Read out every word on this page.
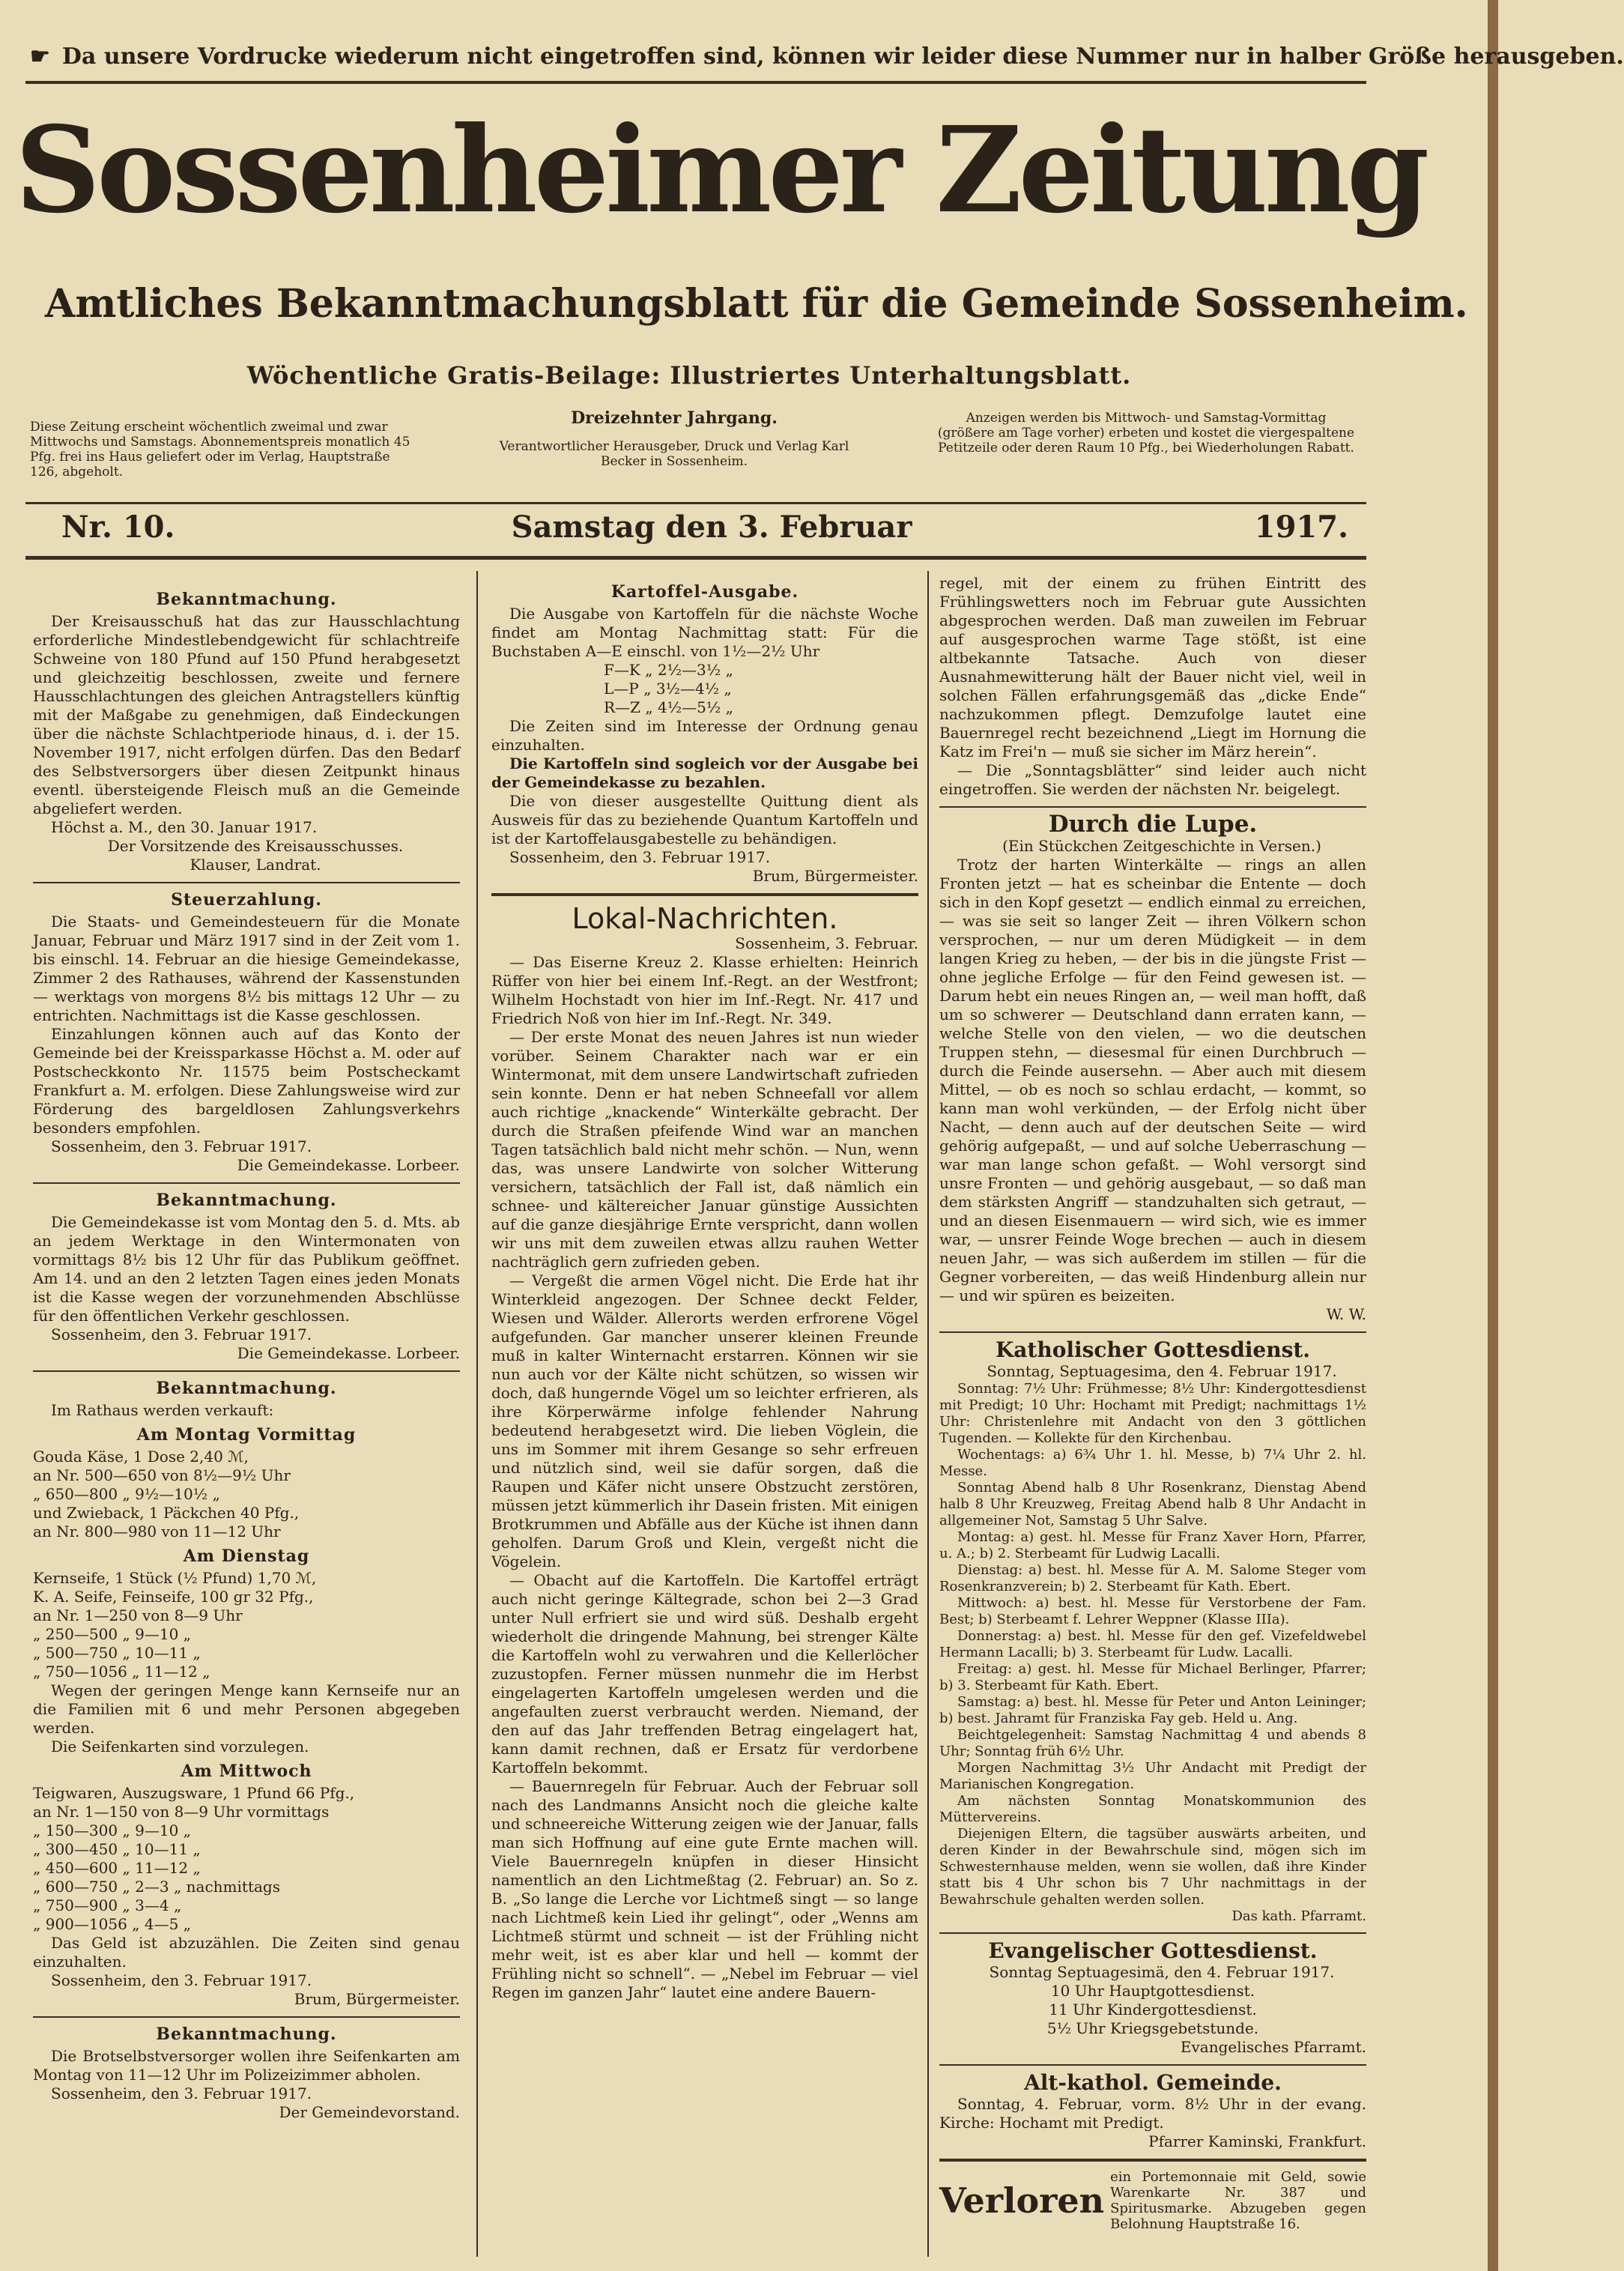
☛ Da unsere Vordrucke wiederum nicht eingetroffen sind, können wir leider diese Nummer nur in halber Größe herausgeben.
Sossenheimer Zeitung
Amtliches Bekanntmachungsblatt für die Gemeinde Sossenheim.
Wöchentliche Gratis-Beilage: Illustriertes Unterhaltungsblatt.
Diese Zeitung erscheint wöchentlich zweimal und zwar Mittwochs und Samstags. Abonnementspreis monatlich 45 Pfg. frei ins Haus geliefert oder im Verlag, Hauptstraße 126, abgeholt.
Dreizehnter Jahrgang.
Verantwortlicher Herausgeber, Druck und Verlag Karl Becker in Sossenheim.
Anzeigen werden bis Mittwoch- und Samstag-Vormittag (größere am Tage vorher) erbeten und kostet die viergespaltene Petitzeile oder deren Raum 10 Pfg., bei Wiederholungen Rabatt.
Nr. 10.	Samstag den 3. Februar	1917.
Bekanntmachung.

Der Kreisausschuß hat das zur Hausschlachtung erforderliche Mindestlebendgewicht für schlachtreife Schweine von 180 Pfund auf 150 Pfund herabgesetzt und gleichzeitig beschlossen, zweite und fernere Hausschlachtungen des gleichen Antragstellers künftig mit der Maßgabe zu genehmigen, daß Eindeckungen über die nächste Schlachtperiode hinaus, d. i. der 15. November 1917, nicht erfolgen dürfen. Das den Bedarf des Selbstversorgers über diesen Zeitpunkt hinaus eventl. übersteigende Fleisch muß an die Gemeinde abgeliefert werden.

Höchst a. M., den 30. Januar 1917.

Der Vorsitzende des Kreisausschusses.

Klauser, Landrat.

Steuerzahlung.

Die Staats- und Gemeindesteuern für die Monate Januar, Februar und März 1917 sind in der Zeit vom 1. bis einschl. 14. Februar an die hiesige Gemeindekasse, Zimmer 2 des Rathauses, während der Kassenstunden — werktags von morgens 8½ bis mittags 12 Uhr — zu entrichten. Nachmittags ist die Kasse geschlossen.

Einzahlungen können auch auf das Konto der Gemeinde bei der Kreissparkasse Höchst a. M. oder auf Postscheckkonto Nr. 11575 beim Postscheckamt Frankfurt a. M. erfolgen. Diese Zahlungsweise wird zur Förderung des bargeldlosen Zahlungsverkehrs besonders empfohlen.

Sossenheim, den 3. Februar 1917.

Die Gemeindekasse. Lorbeer.

Bekanntmachung.

Die Gemeindekasse ist vom Montag den 5. d. Mts. ab an jedem Werktage in den Wintermonaten von vormittags 8½ bis 12 Uhr für das Publikum geöffnet. Am 14. und an den 2 letzten Tagen eines jeden Monats ist die Kasse wegen der vorzunehmenden Abschlüsse für den öffentlichen Verkehr geschlossen.

Sossenheim, den 3. Februar 1917.

Die Gemeindekasse. Lorbeer.

Bekanntmachung.

Im Rathaus werden verkauft:

Am Montag Vormittag
Gouda Käse, 1 Dose 2,40 ℳ,
an Nr. 500—650 von 8½—9½ Uhr
„ 650—800 „ 9½—10½ „
und Zwieback, 1 Päckchen 40 Pfg.,
an Nr. 800—980 von 11—12 Uhr
Am Dienstag
Kernseife, 1 Stück (½ Pfund) 1,70 ℳ,
K. A. Seife, Feinseife, 100 gr 32 Pfg.,
an Nr. 1—250 von 8—9 Uhr
„ 250—500 „ 9—10 „
„ 500—750 „ 10—11 „
„ 750—1056 „ 11—12 „

Wegen der geringen Menge kann Kernseife nur an die Familien mit 6 und mehr Personen abgegeben werden.

Die Seifenkarten sind vorzulegen.

Am Mittwoch
Teigwaren, Auszugsware, 1 Pfund 66 Pfg.,
an Nr. 1—150 von 8—9 Uhr vormittags
„ 150—300 „ 9—10 „
„ 300—450 „ 10—11 „
„ 450—600 „ 11—12 „
„ 600—750 „ 2—3 „ nachmittags
„ 750—900 „ 3—4 „
„ 900—1056 „ 4—5 „

Das Geld ist abzuzählen. Die Zeiten sind genau einzuhalten.

Sossenheim, den 3. Februar 1917.

Brum, Bürgermeister.

Bekanntmachung.

Die Brotselbstversorger wollen ihre Seifenkarten am Montag von 11—12 Uhr im Polizeizimmer abholen.

Sossenheim, den 3. Februar 1917.

Der Gemeindevorstand.

Kartoffel-Ausgabe.

Die Ausgabe von Kartoffeln für die nächste Woche findet am Montag Nachmittag statt: Für die Buchstaben A—E einschl. von 1½—2½ Uhr

F—K „ 2½—3½ „
L—P „ 3½—4½ „
R—Z „ 4½—5½ „

Die Zeiten sind im Interesse der Ordnung genau einzuhalten.

Die Kartoffeln sind sogleich vor der Ausgabe bei der Gemeindekasse zu bezahlen.

Die von dieser ausgestellte Quittung dient als Ausweis für das zu beziehende Quantum Kartoffeln und ist der Kartoffelausgabestelle zu behändigen.

Sossenheim, den 3. Februar 1917.

Brum, Bürgermeister.

Lokal-Nachrichten.

Sossenheim, 3. Februar.

— Das Eiserne Kreuz 2. Klasse erhielten: Heinrich Rüffer von hier bei einem Inf.-Regt. an der Westfront; Wilhelm Hochstadt von hier im Inf.-Regt. Nr. 417 und Friedrich Noß von hier im Inf.-Regt. Nr. 349.

— Der erste Monat des neuen Jahres ist nun wieder vorüber. Seinem Charakter nach war er ein Wintermonat, mit dem unsere Landwirtschaft zufrieden sein konnte. Denn er hat neben Schneefall vor allem auch richtige „knackende“ Winterkälte gebracht. Der durch die Straßen pfeifende Wind war an manchen Tagen tatsächlich bald nicht mehr schön. — Nun, wenn das, was unsere Landwirte von solcher Witterung versichern, tatsächlich der Fall ist, daß nämlich ein schnee- und kältereicher Januar günstige Aussichten auf die ganze diesjährige Ernte verspricht, dann wollen wir uns mit dem zuweilen etwas allzu rauhen Wetter nachträglich gern zufrieden geben.

— Vergeßt die armen Vögel nicht. Die Erde hat ihr Winterkleid angezogen. Der Schnee deckt Felder, Wiesen und Wälder. Allerorts werden erfrorene Vögel aufgefunden. Gar mancher unserer kleinen Freunde muß in kalter Winternacht erstarren. Können wir sie nun auch vor der Kälte nicht schützen, so wissen wir doch, daß hungernde Vögel um so leichter erfrieren, als ihre Körperwärme infolge fehlender Nahrung bedeutend herabgesetzt wird. Die lieben Vöglein, die uns im Sommer mit ihrem Gesange so sehr erfreuen und nützlich sind, weil sie dafür sorgen, daß die Raupen und Käfer nicht unsere Obstzucht zerstören, müssen jetzt kümmerlich ihr Dasein fristen. Mit einigen Brotkrummen und Abfälle aus der Küche ist ihnen dann geholfen. Darum Groß und Klein, vergeßt nicht die Vögelein.

— Obacht auf die Kartoffeln. Die Kartoffel erträgt auch nicht geringe Kältegrade, schon bei 2—3 Grad unter Null erfriert sie und wird süß. Deshalb ergeht wiederholt die dringende Mahnung, bei strenger Kälte die Kartoffeln wohl zu verwahren und die Kellerlöcher zuzustopfen. Ferner müssen nunmehr die im Herbst eingelagerten Kartoffeln umgelesen werden und die angefaulten zuerst verbraucht werden. Niemand, der den auf das Jahr treffenden Betrag eingelagert hat, kann damit rechnen, daß er Ersatz für verdorbene Kartoffeln bekommt.

— Bauernregeln für Februar. Auch der Februar soll nach des Landmanns Ansicht noch die gleiche kalte und schneereiche Witterung zeigen wie der Januar, falls man sich Hoffnung auf eine gute Ernte machen will. Viele Bauernregeln knüpfen in dieser Hinsicht namentlich an den Lichtmeßtag (2. Februar) an. So z. B. „So lange die Lerche vor Lichtmeß singt — so lange nach Lichtmeß kein Lied ihr gelingt“, oder „Wenns am Lichtmeß stürmt und schneit — ist der Frühling nicht mehr weit, ist es aber klar und hell — kommt der Frühling nicht so schnell“. — „Nebel im Februar — viel Regen im ganzen Jahr“ lautet eine andere Bauern-

regel, mit der einem zu frühen Eintritt des Frühlingswetters noch im Februar gute Aussichten abgesprochen werden. Daß man zuweilen im Februar auf ausgesprochen warme Tage stößt, ist eine altbekannte Tatsache. Auch von dieser Ausnahmewitterung hält der Bauer nicht viel, weil in solchen Fällen erfahrungsgemäß das „dicke Ende“ nachzukommen pflegt. Demzufolge lautet eine Bauernregel recht bezeichnend „Liegt im Hornung die Katz im Frei'n — muß sie sicher im März herein“.

— Die „Sonntagsblätter“ sind leider auch nicht eingetroffen. Sie werden der nächsten Nr. beigelegt.

Durch die Lupe.

(Ein Stückchen Zeitgeschichte in Versen.)

Trotz der harten Winterkälte — rings an allen Fronten jetzt — hat es scheinbar die Entente — doch sich in den Kopf gesetzt — endlich einmal zu erreichen, — was sie seit so langer Zeit — ihren Völkern schon versprochen, — nur um deren Müdigkeit — in dem langen Krieg zu heben, — der bis in die jüngste Frist — ohne jegliche Erfolge — für den Feind gewesen ist. — Darum hebt ein neues Ringen an, — weil man hofft, daß um so schwerer — Deutschland dann erraten kann, — welche Stelle von den vielen, — wo die deutschen Truppen stehn, — diesesmal für einen Durchbruch — durch die Feinde ausersehn. — Aber auch mit diesem Mittel, — ob es noch so schlau erdacht, — kommt, so kann man wohl verkünden, — der Erfolg nicht über Nacht, — denn auch auf der deutschen Seite — wird gehörig aufgepaßt, — und auf solche Ueberraschung — war man lange schon gefaßt. — Wohl versorgt sind unsre Fronten — und gehörig ausgebaut, — so daß man dem stärksten Angriff — standzuhalten sich getraut, — und an diesen Eisenmauern — wird sich, wie es immer war, — unsrer Feinde Woge brechen — auch in diesem neuen Jahr, — was sich außerdem im stillen — für die Gegner vorbereiten, — das weiß Hindenburg allein nur — und wir spüren es beizeiten.

W. W.

Katholischer Gottesdienst.

Sonntag, Septuagesima, den 4. Februar 1917.

Sonntag: 7½ Uhr: Frühmesse; 8½ Uhr: Kindergottesdienst mit Predigt; 10 Uhr: Hochamt mit Predigt; nachmittags 1½ Uhr: Christenlehre mit Andacht von den 3 göttlichen Tugenden. — Kollekte für den Kirchenbau.

Wochentags: a) 6¾ Uhr 1. hl. Messe, b) 7¼ Uhr 2. hl. Messe.

Sonntag Abend halb 8 Uhr Rosenkranz, Dienstag Abend halb 8 Uhr Kreuzweg, Freitag Abend halb 8 Uhr Andacht in allgemeiner Not, Samstag 5 Uhr Salve.

Montag: a) gest. hl. Messe für Franz Xaver Horn, Pfarrer, u. A.; b) 2. Sterbeamt für Ludwig Lacalli.

Dienstag: a) best. hl. Messe für A. M. Salome Steger vom Rosenkranzverein; b) 2. Sterbeamt für Kath. Ebert.

Mittwoch: a) best. hl. Messe für Verstorbene der Fam. Best; b) Sterbeamt f. Lehrer Weppner (Klasse IIIa).

Donnerstag: a) best. hl. Messe für den gef. Vizefeldwebel Hermann Lacalli; b) 3. Sterbeamt für Ludw. Lacalli.

Freitag: a) gest. hl. Messe für Michael Berlinger, Pfarrer; b) 3. Sterbeamt für Kath. Ebert.

Samstag: a) best. hl. Messe für Peter und Anton Leininger; b) best. Jahramt für Franziska Fay geb. Held u. Ang.

Beichtgelegenheit: Samstag Nachmittag 4 und abends 8 Uhr; Sonntag früh 6½ Uhr.

Morgen Nachmittag 3½ Uhr Andacht mit Predigt der Marianischen Kongregation.

Am nächsten Sonntag Monatskommunion des Müttervereins.

Diejenigen Eltern, die tagsüber auswärts arbeiten, und deren Kinder in der Bewahrschule sind, mögen sich im Schwesternhause melden, wenn sie wollen, daß ihre Kinder statt bis 4 Uhr schon bis 7 Uhr nachmittags in der Bewahrschule gehalten werden sollen.

Das kath. Pfarramt.

Evangelischer Gottesdienst.

Sonntag Septuagesimä, den 4. Februar 1917.

10 Uhr Hauptgottesdienst.
11 Uhr Kindergottesdienst.
5½ Uhr Kriegsgebetstunde.

Evangelisches Pfarramt.

Alt-kathol. Gemeinde.

Sonntag, 4. Februar, vorm. 8½ Uhr in der evang. Kirche: Hochamt mit Predigt.

Pfarrer Kaminski, Frankfurt.

Verloren
ein Portemonnaie mit Geld, sowie Warenkarte Nr. 387 und Spiritusmarke. Abzugeben gegen Belohnung Hauptstraße 16.
